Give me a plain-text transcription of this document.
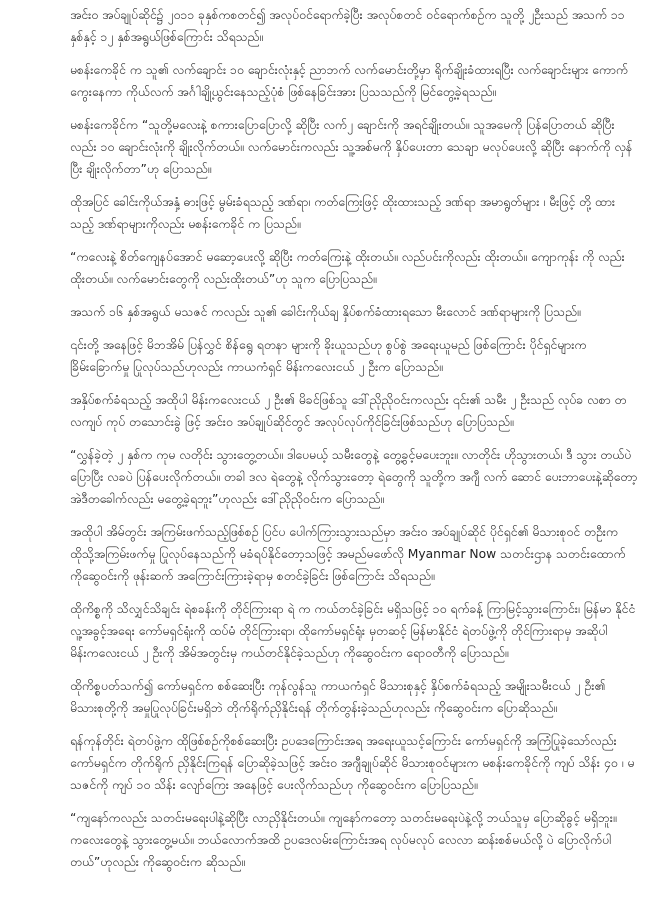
အင်း၀ အပ်ချုပ်ဆိုင်၌ ၂၀၁၁ ခုနှစ်ကစတင်၍ အလုပ်ဝင်ရောက်ခဲ့ပြီး အလုပ်စတင် ဝင်ရောက်စဉ်က သူတို့ ၂ဦးသည် အသက် ၁၁ နှစ်နှင့် ၁၂ နှစ်အရွယ်ဖြစ်ကြောင်း သိရသည်။

မစန်းကေခိုင် က သူ၏ လက်ချောင်း ၁၀ ချောင်းလုံးနှင့် ညာဘက် လက်မောင်းတို့မှာ ရိုက်ချိုးခံထားရပြီး လက်ချောင်းများ ကောက်ကွေးနေကာ ကိုယ်လက် အင်္ဂါချို့ယွင်းနေသည့်ပုံစံ ဖြစ်နေခြင်းအား ပြသသည်ကို မြင်တွေ့ခဲ့ရသည်။

မစန်းကေခိုင်က “သူတို့မလေးနဲ့ စကားပြောပြောလို့ ဆိုပြီး လက်၂ ချောင်းကို အရင်ချိုးတယ်။ သူအမေကို ပြန်ပြောတယ် ဆိုပြီး လည်း ၁၀ ချောင်းလုံးကို ချိုးလိုက်တယ်။ လက်မောင်းကလည်း သူ့အစ်မကို နှိပ်ပေးတာ သေချာ မလုပ်ပေးလို့ ဆိုပြီး နောက်ကို လှန်ပြီး ချိုးလိုက်တာ”ဟု ပြောသည်။

ထိုအပြင် ခေါင်းကိုယ်အနှံ့ ဓားဖြင့် မွမ်းခံရသည့် ဒဏ်ရာ၊ ကတ်ကြေးဖြင့် ထိုးထားသည့် ဒဏ်ရာ အမာရွတ်များ ၊ မီးဖြင့် တို့ ထားသည့် ဒဏ်ရာများကိုလည်း မစန်းကေခိုင် က ပြသည်။

“ကလေးနဲ့ စိတ်ကျေနပ်အောင် မဆော့ပေးလို့ ဆိုပြီး ကတ်ကြေးနဲ့ ထိုးတယ်။ လည်ပင်းကိုလည်း ထိုးတယ်။ ကျောကုန်း ကို လည်း ထိုးတယ်။ လက်မောင်းတွေကို လည်းထိုးတယ်”ဟု သူက ပြောပြသည်။

အသက် ၁၆ နှစ်အရွယ် မသဇင် ကလည်း သူ၏ ခေါင်းကိုယ်ချ နှိပ်စက်ခံထားရသော မီးလောင် ဒဏ်ရာများကို ပြသည်။

၎င်းတို့ အနေဖြင့် မိဘအိမ် ပြန်လွှင် စိန်ရွေ ရတနာ များကို ခိုးယူသည်ဟု စွပ်စွဲ အရေးယူမည် ဖြစ်ကြောင်း ပိုင်ရှင်များက ခြိမ်းခြောက်မှု ပြုလုပ်သည်ဟုလည်း ကာယကံရှင် မိန်းကလေးငယ် ၂ ဦးက ပြောသည်။

အနှိပ်စက်ခံရသည့် အထိုပါ မိန်းကလေးငယ် ၂ ဦး၏ မိခင်ဖြစ်သူ ဒေါ်ညိုညိုဝင်းကလည်း ၎င်း၏ သမီး ၂ ဦးသည် လုပ်ခ လစာ တလကျပ် ကုပ် တသောင်းခွဲ ဖြင့် အင်း၀ အပ်ချုပ်ဆိုင်တွင် အလုပ်လုပ်ကိုင်ခြင်းဖြစ်သည်ဟု ပြောပြသည်။

“လွှန်ခဲ့တဲ့ ၂ နှစ်က ကုမ လတိုင်း သွားတွေ့တယ်။ ဒါပေမယ့် သမီးတွေနဲ့ တွေ့ခွင့်မပေးဘူး။ လာတိုင်း ဟိုသွားတယ်၊ ဒီ သွား တယ်ပဲ ပြောပြီး လခပဲ ပြန်ပေးလိုက်တယ်။ တခါ ဒလ ရဲတွေနဲ့ လိုက်သွားတော့ ရဲတွေကို သူတို့က အဂျီ လက် ဆောင် ပေးဘာပေးနဲ့ဆိုတော့ အဲဒီတခေါက်လည်း မတွေ့ခဲ့ရဘူး”ဟုလည်း ဒေါ်ညိုညိုဝင်းက ပြောသည်။

အထိုပါ အိမ်တွင်း အကြမ်းဖက်သည့်ဖြစ်စဉ် ပြင်ပ ပေါက်ကြားသွားသည်မှာ အင်း၀ အပ်ချုပ်ဆိုင် ပိုင်ရှင်၏ မိသားစုဝင် တဦးက ထိုသို့အကြမ်းဖက်မှု ပြုလုပ်နေသည်ကို မခံရပ်နိုင်တော့သဖြင့် အမည်မဖော်လို Myanmar Now သတင်းဌာန သတင်းထောက် ကိုဆွေဝင်းကို ဖုန်းဆက် အကြောင်းကြားခဲ့ရာမှ စတင်ခဲ့ခြင်း ဖြစ်ကြောင်း သိရသည်။

ထိုကိစ္စကို သိလျှင်သိချင်း ရဲစခန်းကို တိုင်ကြားရာ ရဲ က ကယ်တင်ခဲ့ခြင်း မရှိသဖြင့် ၁၀ ရက်ခန့် ကြာမြင့်သွားကြောင်း၊ မြန်မာ နိုင်ငံ လူ့အခွင့်အရေး ကော်မရှင်ရုံးကို ထပ်မံ တိုင်ကြားရာ၊ ထိုကော်မရှင်ရုံး မှတဆင့် မြန်မာနိုင်ငံ ရဲတပ်ဖွဲ့ကို တိုင်ကြားရာမှ အဆိုပါ မိန်းကလေးငယ် ၂ ဦးကို အိမ်အတွင်းမှ ကယ်တင်နိုင်ခဲ့သည်ဟု ကိုဆွေဝင်းက ရောဝတီကို ပြောသည်။

ထိုကိစ္စပတ်သက်၍ ကော်မရှင်က စစ်ဆေးပြီး ကုန်လွန်သူ ကာယကံရှင် မိသားစုနှင့် နှိပ်စက်ခံရသည့် အမျိုးသမီးငယ် ၂ ဦး၏ မိသားစုတို့ကို အမှုပြုလုပ်ခြင်းမရှိဘဲ တိုက်ရိုက်ညှိနိုင်းရန် တိုက်တွန်းခဲ့သည်ဟုလည်း ကိုဆွေဝင်းက ပြောဆိုသည်။

ရန်ကုန်တိုင်း ရဲတပ်ဖွဲ့က ထိုဖြစ်စဉ်ကိုစစ်ဆေးပြီး ဥပဒေကြောင်းအရ အရေးယူသင့်ကြောင်း ကော်မရှင်ကို အကြံပြုခဲ့သော်လည်း ကော်မရှင်က တိုက်ရိုက် ညှိနိုင်းကြရန် ပြောဆိုခဲ့သဖြင့် အင်း၀ အဂျီချုပ်ဆိုင် မိသားစုဝင်များက မစန်းကေခိုင်ကို ကျပ် သိန်း ၄၀ ၊ မသဇင်ကို ကျပ် ၁၀ သိန်း လျော်ကြေး အနေဖြင့် ပေးလိုက်သည်ဟု ကိုဆွေဝင်းက ပြောပြသည်။

“ကျနော်ကလည်း သတင်းမရေးပါနဲ့ဆိုပြီး လာညှိနိုင်းတယ်။ ကျနော်ကတော့ သတင်းမရေးပဲနဲ့လို့ ဘယ်သူမှ ပြောဆိုခွင့် မရှိဘူး။ ကလေးတွေနဲ့ သွားတွေ့မယ်။ ဘယ်လောက်အထိ ဥပဒေလမ်းကြောင်းအရ လုပ်မလုပ် လေလာ ဆန်းစစ်မယ်လို့ ပဲ ပြောလိုက်ပါတယ်”ဟုလည်း ကိုဆွေဝင်းက ဆိုသည်။
